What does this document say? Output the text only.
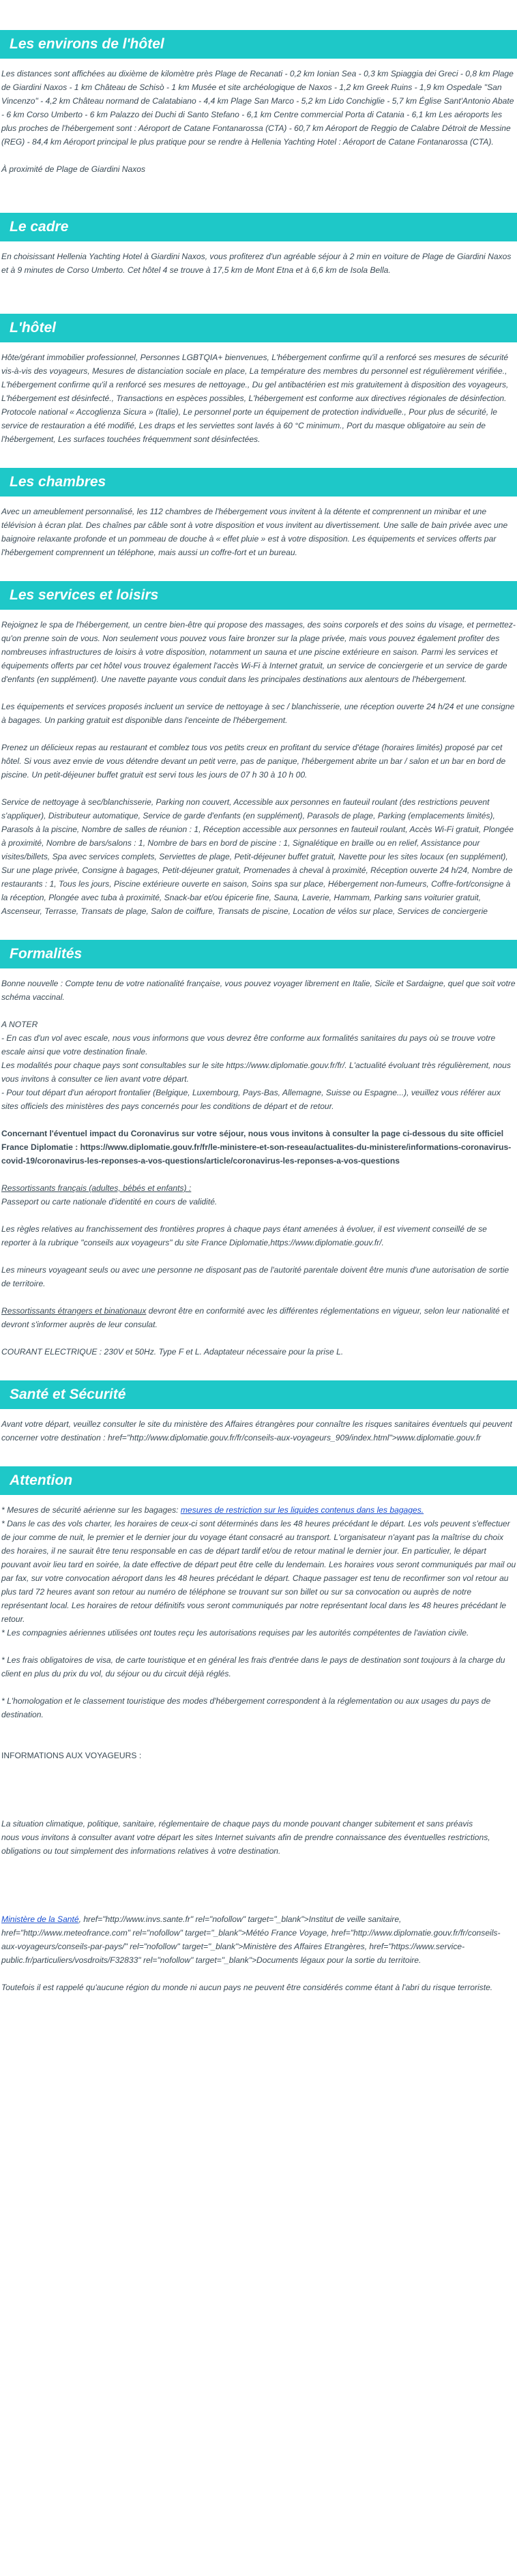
Les environs de l'hôtel

Les distances sont affichées au dixième de kilomètre près Plage de Recanati - 0,2 km Ionian Sea - 0,3 km Spiaggia dei Greci - 0,8 km Plage de Giardini Naxos - 1 km Château de Schisò - 1 km Musée et site archéologique de Naxos - 1,2 km Greek Ruins - 1,9 km Ospedale "San Vincenzo" - 4,2 km Château normand de Calatabiano - 4,4 km Plage San Marco - 5,2 km Lido Conchiglie - 5,7 km Église Sant'Antonio Abate - 6 km Corso Umberto - 6 km Palazzo dei Duchi di Santo Stefano - 6,1 km Centre commercial Porta di Catania - 6,1 km Les aéroports les plus proches de l'hébergement sont : Aéroport de Catane Fontanarossa (CTA) - 60,7 km Aéroport de Reggio de Calabre Détroit de Messine (REG) - 84,4 km Aéroport principal le plus pratique pour se rendre à Hellenia Yachting Hotel : Aéroport de Catane Fontanarossa (CTA).

À proximité de Plage de Giardini Naxos

Le cadre

En choisissant Hellenia Yachting Hotel à Giardini Naxos, vous profiterez d'un agréable séjour à 2 min en voiture de Plage de Giardini Naxos et à 9 minutes de Corso Umberto. Cet hôtel 4 se trouve à 17,5 km de Mont Etna et à 6,6 km de Isola Bella.

L'hôtel

Hôte/gérant immobilier professionnel, Personnes LGBTQIA+ bienvenues, L'hébergement confirme qu'il a renforcé ses mesures de sécurité vis-à-vis des voyageurs, Mesures de distanciation sociale en place, La température des membres du personnel est régulièrement vérifiée., L'hébergement confirme qu'il a renforcé ses mesures de nettoyage., Du gel antibactérien est mis gratuitement à disposition des voyageurs, L'hébergement est désinfecté., Transactions en espèces possibles, L'hébergement est conforme aux directives régionales de désinfection. Protocole national « Accoglienza Sicura » (Italie), Le personnel porte un équipement de protection individuelle., Pour plus de sécurité, le service de restauration a été modifié, Les draps et les serviettes sont lavés à 60 °C minimum., Port du masque obligatoire au sein de l'hébergement, Les surfaces touchées fréquemment sont désinfectées.

Les chambres

Avec un ameublement personnalisé, les 112 chambres de l'hébergement vous invitent à la détente et comprennent un minibar et une télévision à écran plat. Des chaînes par câble sont à votre disposition et vous invitent au divertissement. Une salle de bain privée avec une baignoire relaxante profonde et un pommeau de douche à « effet pluie » est à votre disposition. Les équipements et services offerts par l'hébergement comprennent un téléphone, mais aussi un coffre-fort et un bureau.

Les services et loisirs

Rejoignez le spa de l'hébergement, un centre bien-être qui propose des massages, des soins corporels et des soins du visage, et permettez-qu'on prenne soin de vous. Non seulement vous pouvez vous faire bronzer sur la plage privée, mais vous pouvez également profiter des nombreuses infrastructures de loisirs à votre disposition, notamment un sauna et une piscine extérieure en saison. Parmi les services et équipements offerts par cet hôtel vous trouvez également l'accès Wi-Fi à Internet gratuit, un service de conciergerie et un service de garde d'enfants (en supplément). Une navette payante vous conduit dans les principales destinations aux alentours de l'hébergement.

Les équipements et services proposés incluent un service de nettoyage à sec / blanchisserie, une réception ouverte 24 h/24 et une consigne à bagages. Un parking gratuit est disponible dans l'enceinte de l'hébergement.

Prenez un délicieux repas au restaurant et comblez tous vos petits creux en profitant du service d'étage (horaires limités) proposé par cet hôtel. Si vous avez envie de vous détendre devant un petit verre, pas de panique, l'hébergement abrite un bar / salon et un bar en bord de piscine. Un petit-déjeuner buffet gratuit est servi tous les jours de 07 h 30 à 10 h 00.

Service de nettoyage à sec/blanchisserie, Parking non couvert, Accessible aux personnes en fauteuil roulant (des restrictions peuvent s'appliquer), Distributeur automatique, Service de garde d'enfants (en supplément), Parasols de plage, Parking (emplacements limités), Parasols à la piscine, Nombre de salles de réunion : 1, Réception accessible aux personnes en fauteuil roulant, Accès Wi-Fi gratuit, Plongée à proximité, Nombre de bars/salons : 1, Nombre de bars en bord de piscine : 1, Signalétique en braille ou en relief, Assistance pour visites/billets, Spa avec services complets, Serviettes de plage, Petit-déjeuner buffet gratuit, Navette pour les sites locaux (en supplément), Sur une plage privée, Consigne à bagages, Petit-déjeuner gratuit, Promenades à cheval à proximité, Réception ouverte 24 h/24, Nombre de restaurants : 1, Tous les jours, Piscine extérieure ouverte en saison, Soins spa sur place, Hébergement non-fumeurs, Coffre-fort/consigne à la réception, Plongée avec tuba à proximité, Snack-bar et/ou épicerie fine, Sauna, Laverie, Hammam, Parking sans voiturier gratuit, Ascenseur, Terrasse, Transats de plage, Salon de coiffure, Transats de piscine, Location de vélos sur place, Services de conciergerie

Formalités

Bonne nouvelle : Compte tenu de votre nationalité française, vous pouvez voyager librement en Italie, Sicile et Sardaigne, quel que soit votre schéma vaccinal.

A NOTER

- En cas d'un vol avec escale, nous vous informons que vous devrez être conforme aux formalités sanitaires du pays où se trouve votre escale ainsi que votre destination finale.

Les modalités pour chaque pays sont consultables sur le site https://www.diplomatie.gouv.fr/fr/. L'actualité évoluant très régulièrement, nous vous invitons à consulter ce lien avant votre départ.

- Pour tout départ d'un aéroport frontalier (Belgique, Luxembourg, Pays-Bas, Allemagne, Suisse ou Espagne...), veuillez vous référer aux sites officiels des ministères des pays concernés pour les conditions de départ et de retour.

Concernant l'éventuel impact du Coronavirus sur votre séjour, nous vous invitons à consulter la page ci-dessous du site officiel France Diplomatie : https://www.diplomatie.gouv.fr/fr/le-ministere-et-son-reseau/actualites-du-ministere/informations-coronavirus-covid-19/coronavirus-les-reponses-a-vos-questions/article/coronavirus-les-reponses-a-vos-questions

Ressortissants français (adultes, bébés et enfants) :

Passeport ou carte nationale d'identité en cours de validité.

Les règles relatives au franchissement des frontières propres à chaque pays étant amenées à évoluer, il est vivement conseillé de se reporter à la rubrique "conseils aux voyageurs" du site France Diplomatie,https://www.diplomatie.gouv.fr/.

Les mineurs voyageant seuls ou avec une personne ne disposant pas de l'autorité parentale doivent être munis d'une autorisation de sortie de territoire.

Ressortissants étrangers et binationaux devront être en conformité avec les différentes réglementations en vigueur, selon leur nationalité et devront s'informer auprès de leur consulat.

COURANT ELECTRIQUE : 230V et 50Hz. Type F et L. Adaptateur nécessaire pour la prise L.

Santé et Sécurité

Avant votre départ, veuillez consulter le site du ministère des Affaires étrangères pour connaître les risques sanitaires éventuels qui peuvent concerner votre destination : href="http://www.diplomatie.gouv.fr/fr/conseils-aux-voyageurs_909/index.html">www.diplomatie.gouv.fr

Attention

* Mesures de sécurité aérienne sur les bagages: mesures de restriction sur les liquides contenus dans les bagages.

* Dans le cas des vols charter, les horaires de ceux-ci sont déterminés dans les 48 heures précédant le départ. Les vols peuvent s'effectuer de jour comme de nuit, le premier et le dernier jour du voyage étant consacré au transport. L'organisateur n'ayant pas la maîtrise du choix des horaires, il ne saurait être tenu responsable en cas de départ tardif et/ou de retour matinal le dernier jour. En particulier, le départ pouvant avoir lieu tard en soirée, la date effective de départ peut être celle du lendemain. Les horaires vous seront communiqués par mail ou par fax, sur votre convocation aéroport dans les 48 heures précédant le départ. Chaque passager est tenu de reconfirmer son vol retour au plus tard 72 heures avant son retour au numéro de téléphone se trouvant sur son billet ou sur sa convocation ou auprès de notre représentant local. Les horaires de retour définitifs vous seront communiqués par notre représentant local dans les 48 heures précédant le retour.

* Les compagnies aériennes utilisées ont toutes reçu les autorisations requises par les autorités compétentes de l'aviation civile.

* Les frais obligatoires de visa, de carte touristique et en général les frais d'entrée dans le pays de destination sont toujours à la charge du client en plus du prix du vol, du séjour ou du circuit déjà réglés.

* L'homologation et le classement touristique des modes d'hébergement correspondent à la réglementation ou aux usages du pays de destination.

INFORMATIONS AUX VOYAGEURS :

La situation climatique, politique, sanitaire, réglementaire de chaque pays du monde pouvant changer subitement et sans préavis

nous vous invitons à consulter avant votre départ les sites Internet suivants afin de prendre connaissance des éventuelles restrictions, obligations ou tout simplement des informations relatives à votre destination.

Ministère de la Santé, href="http://www.invs.sante.fr" rel="nofollow" target="_blank">Institut de veille sanitaire, href="http://www.meteofrance.com" rel="nofollow" target="_blank">Météo France Voyage, href="http://www.diplomatie.gouv.fr/fr/conseils-aux-voyageurs/conseils-par-pays/" rel="nofollow" target="_blank">Ministère des Affaires Etrangères, href="https://www.service-public.fr/particuliers/vosdroits/F32833" rel="nofollow" target="_blank">Documents légaux pour la sortie du territoire.

Toutefois il est rappelé qu'aucune région du monde ni aucun pays ne peuvent être considérés comme étant à l'abri du risque terroriste.
